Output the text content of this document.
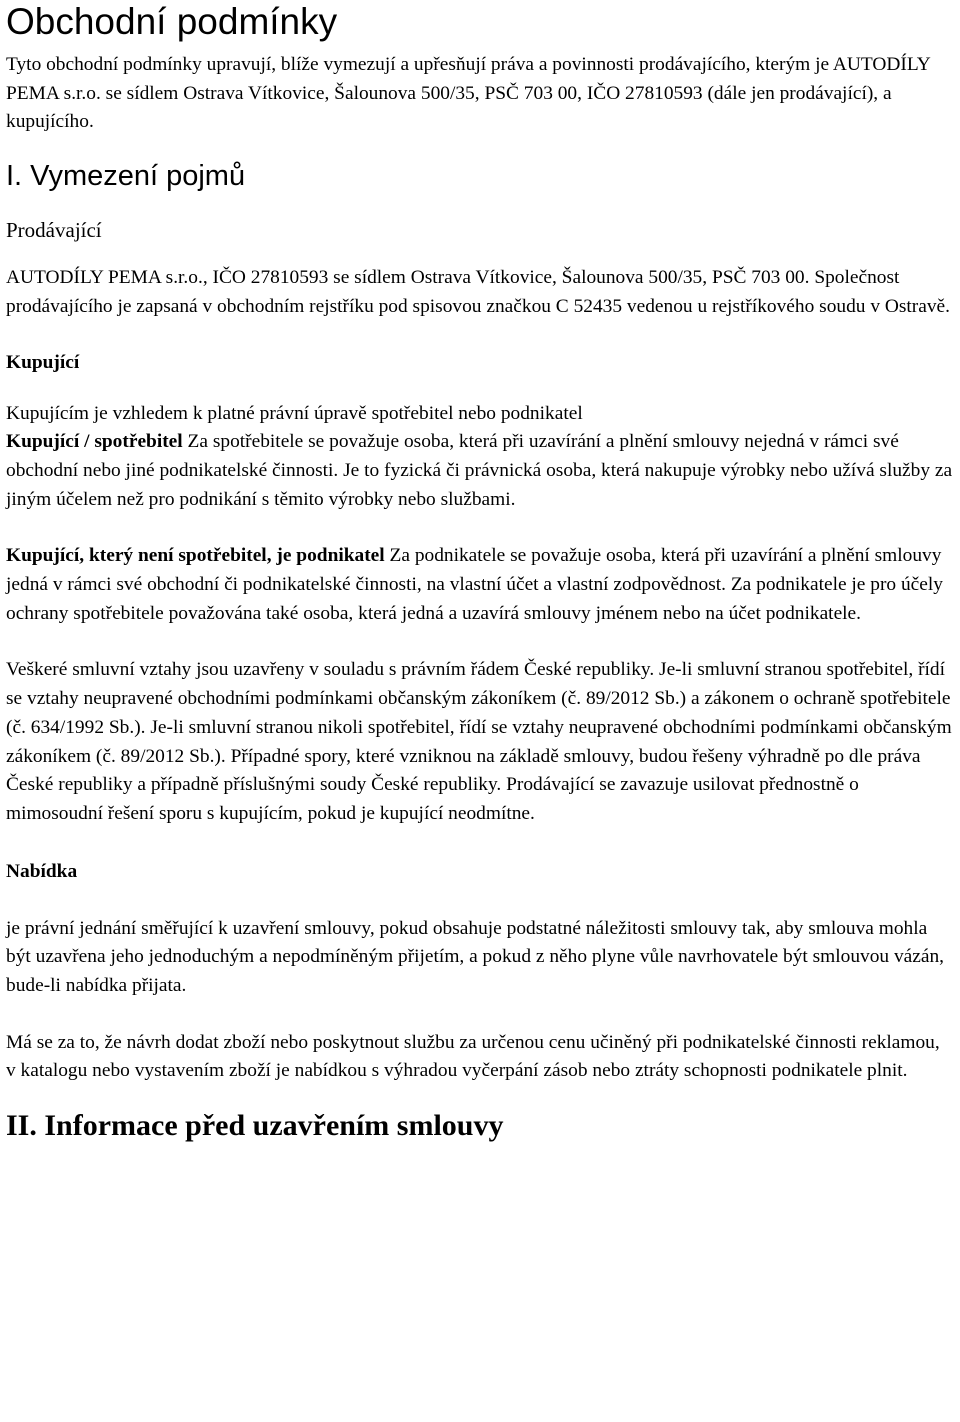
Obchodní podmínky

Tyto obchodní podmínky upravují, blíže vymezují a upřesňují práva a povinnosti prodávajícího, kterým je AUTODÍLY PEMA s.r.o. se sídlem Ostrava Vítkovice, Šalounova 500/35, PSČ 703 00, IČO 27810593 (dále jen prodávající), a kupujícího.

I. Vymezení pojmů
Prodávající

AUTODÍLY PEMA s.r.o., IČO 27810593 se sídlem Ostrava Vítkovice, Šalounova 500/35, PSČ 703 00. Společnost prodávajícího je zapsaná v obchodním rejstříku pod spisovou značkou C 52435 vedenou u rejstříkového soudu v Ostravě.

Kupující

Kupujícím je vzhledem k platné právní úpravě spotřebitel nebo podnikatel

Kupující / spotřebitel Za spotřebitele se považuje osoba, která při uzavírání a plnění smlouvy nejedná v rámci své obchodní nebo jiné podnikatelské činnosti. Je to fyzická či právnická osoba, která nakupuje výrobky nebo užívá služby za jiným účelem než pro podnikání s těmito výrobky nebo službami.

Kupující, který není spotřebitel, je podnikatel Za podnikatele se považuje osoba, která při uzavírání a plnění smlouvy jedná v rámci své obchodní či podnikatelské činnosti, na vlastní účet a vlastní zodpovědnost. Za podnikatele je pro účely ochrany spotřebitele považována také osoba, která jedná a uzavírá smlouvy jménem nebo na účet podnikatele.

Veškeré smluvní vztahy jsou uzavřeny v souladu s právním řádem České republiky. Je-li smluvní stranou spotřebitel, řídí se vztahy neupravené obchodními podmínkami občanským zákoníkem (č. 89/2012 Sb.) a zákonem o ochraně spotřebitele (č. 634/1992 Sb.). Je-li smluvní stranou nikoli spotřebitel, řídí se vztahy neupravené obchodními podmínkami občanským zákoníkem (č. 89/2012 Sb.). Případné spory, které vzniknou na základě smlouvy, budou řešeny výhradně po dle práva České republiky a případně příslušnými soudy České republiky. Prodávající se zavazuje usilovat přednostně o mimosoudní řešení sporu s kupujícím, pokud je kupující neodmítne.

Nabídka

je právní jednání směřující k uzavření smlouvy, pokud obsahuje podstatné náležitosti smlouvy tak, aby smlouva mohla být uzavřena jeho jednoduchým a nepodmíněným přijetím, a pokud z něho plyne vůle navrhovatele být smlouvou vázán, bude-li nabídka přijata.

Má se za to, že návrh dodat zboží nebo poskytnout službu za určenou cenu učiněný při podnikatelské činnosti reklamou, v katalogu nebo vystavením zboží je nabídkou s výhradou vyčerpání zásob nebo ztráty schopnosti podnikatele plnit.

II. Informace před uzavřením smlouvy
